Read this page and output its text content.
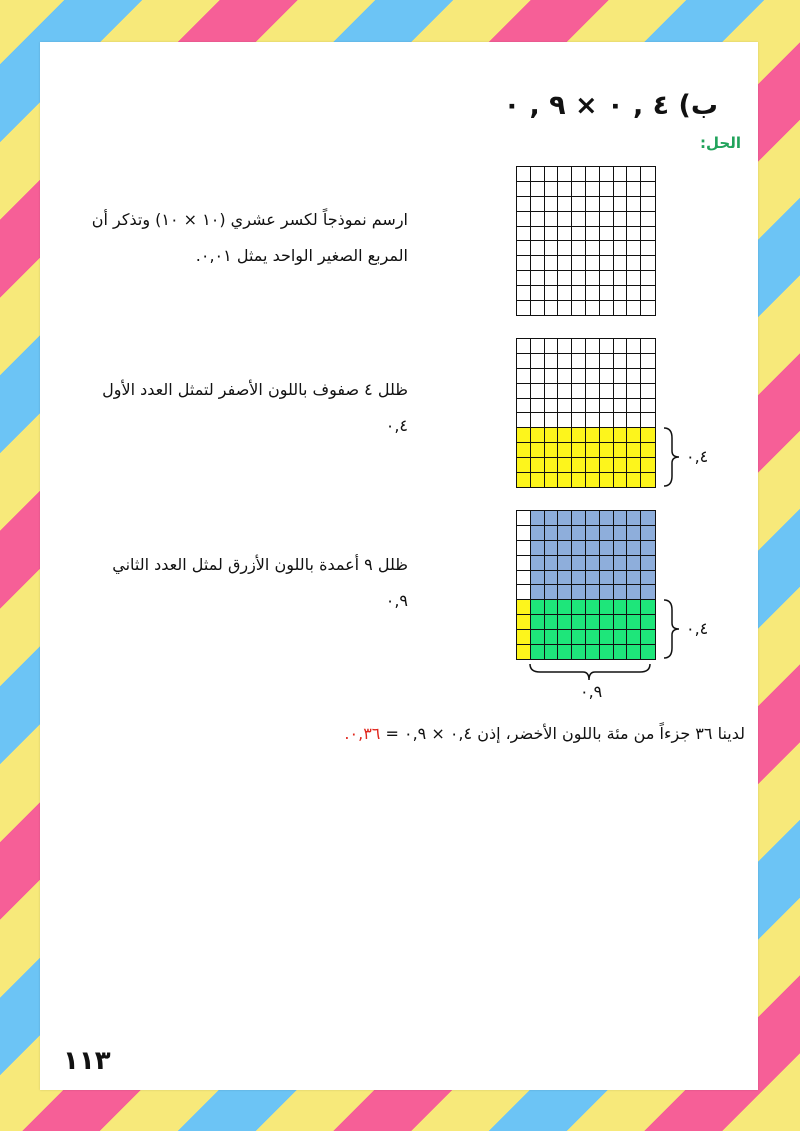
ب) ٤ , ٠ × ٩ , ٠
الحل:
ارسم نموذجاً لكسر عشري (١٠ × ١٠) وتذكر أن المربع الصغير الواحد يمثل ٠,٠١.
ظلل ٤ صفوف باللون الأصفر لتمثل العدد الأول ٠,٤
ظلل ٩ أعمدة باللون الأزرق لمثل العدد الثاني ٠,٩
٠,٤
٠,٤
٠,٩
لدينا ٣٦ جزءاً من مئة باللون الأخضر، إذن ٠,٤ × ٠,٩ = ٠,٣٦.
١١٣
